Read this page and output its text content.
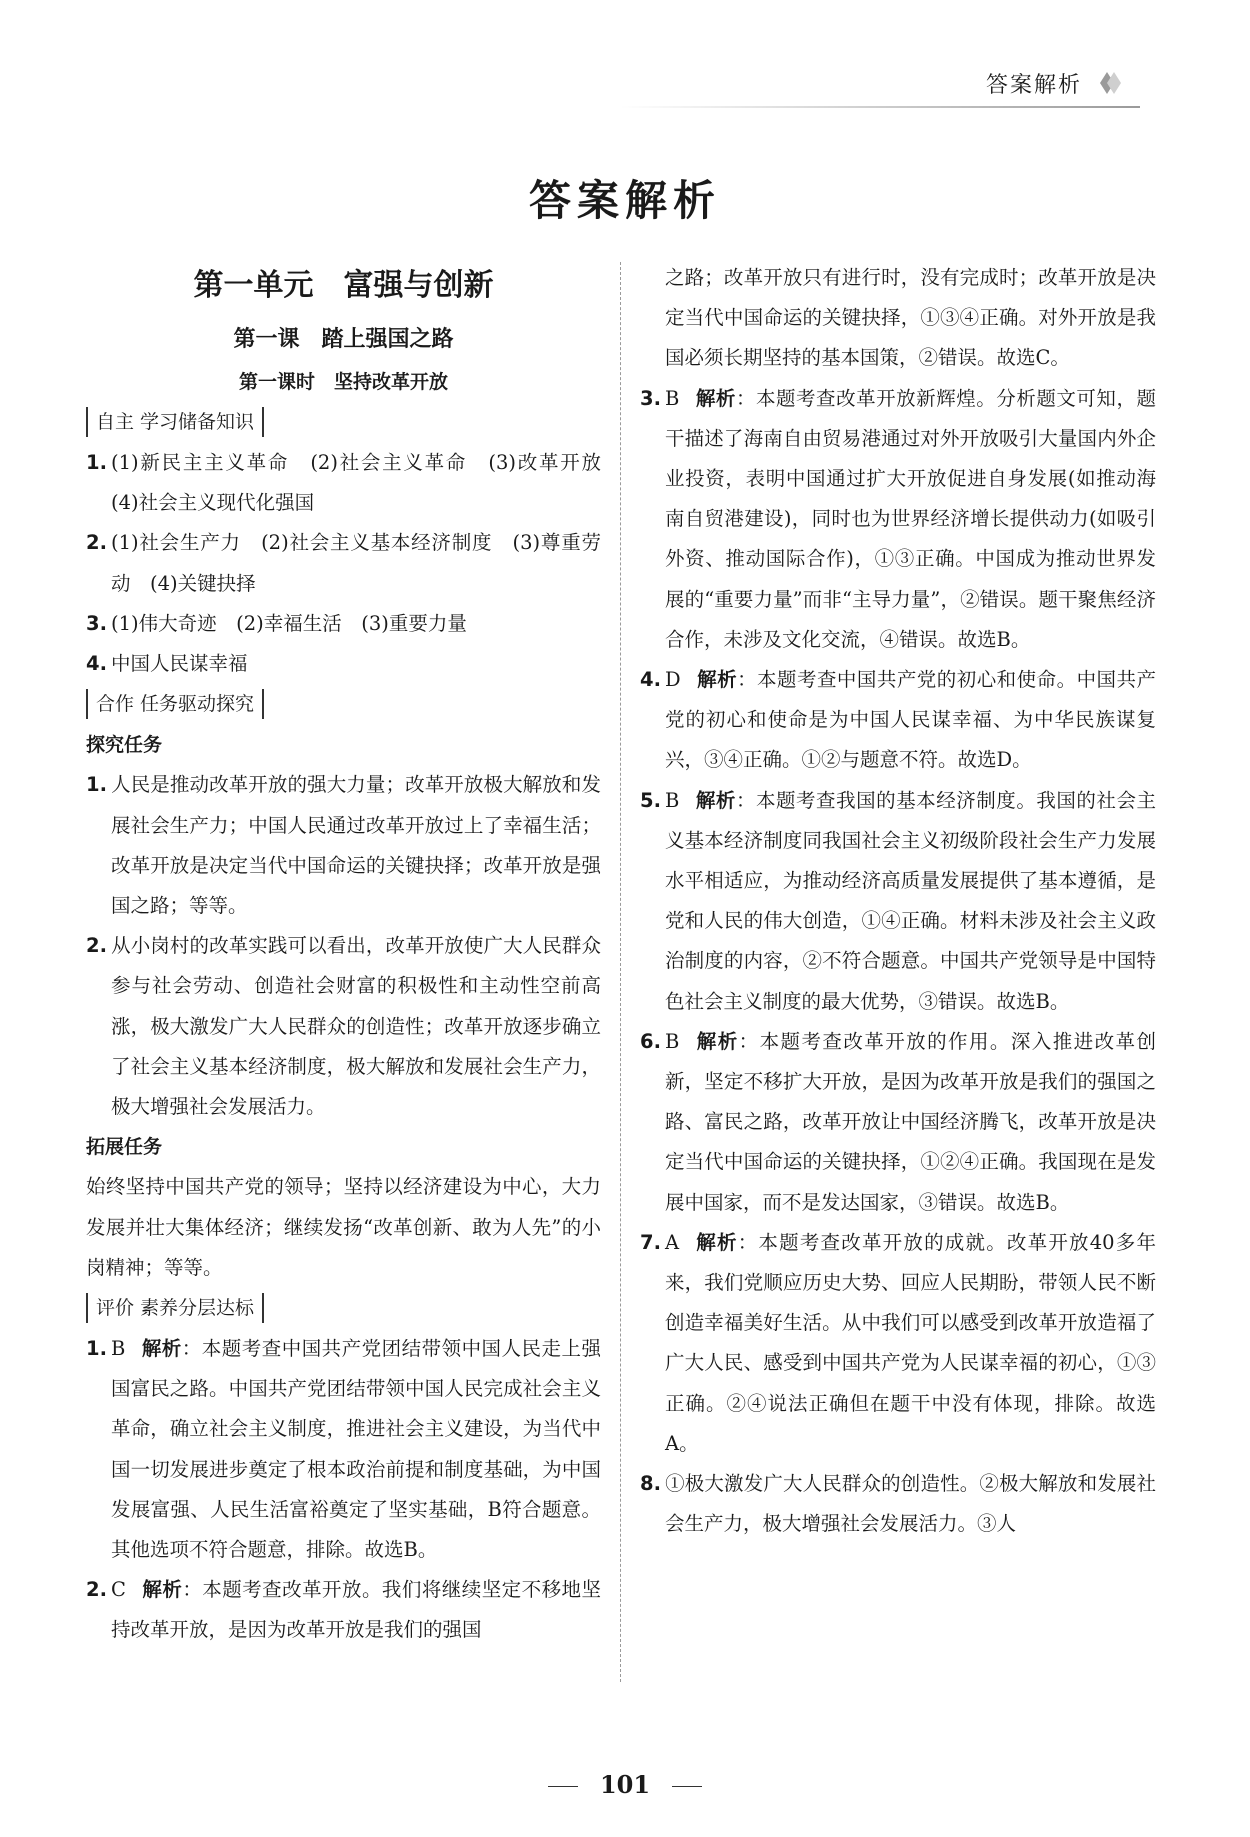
答案解析
答案解析
第一单元　富强与创新
第一课　踏上强国之路
第一课时　坚持改革开放
自主 学习储备知识
1. (1)新民主主义革命　(2)社会主义革命　(3)改革开放　(4)社会主义现代化强国
2. (1)社会生产力　(2)社会主义基本经济制度　(3)尊重劳动　(4)关键抉择
3. (1)伟大奇迹　(2)幸福生活　(3)重要力量
4. 中国人民谋幸福
合作 任务驱动探究
探究任务
1. 人民是推动改革开放的强大力量；改革开放极大解放和发展社会生产力；中国人民通过改革开放过上了幸福生活；改革开放是决定当代中国命运的关键抉择；改革开放是强国之路；等等。
2. 从小岗村的改革实践可以看出，改革开放使广大人民群众参与社会劳动、创造社会财富的积极性和主动性空前高涨，极大激发广大人民群众的创造性；改革开放逐步确立了社会主义基本经济制度，极大解放和发展社会生产力，极大增强社会发展活力。
拓展任务
始终坚持中国共产党的领导；坚持以经济建设为中心，大力发展并壮大集体经济；继续发扬“改革创新、敢为人先”的小岗精神；等等。
评价 素养分层达标
1. B 解析：本题考查中国共产党团结带领中国人民走上强国富民之路。中国共产党团结带领中国人民完成社会主义革命，确立社会主义制度，推进社会主义建设，为当代中国一切发展进步奠定了根本政治前提和制度基础，为中国发展富强、人民生活富裕奠定了坚实基础，B符合题意。其他选项不符合题意，排除。故选B。
2. C 解析：本题考查改革开放。我们将继续坚定不移地坚持改革开放，是因为改革开放是我们的强国
之路；改革开放只有进行时，没有完成时；改革开放是决定当代中国命运的关键抉择，①③④正确。对外开放是我国必须长期坚持的基本国策，②错误。故选C。
3. B 解析：本题考查改革开放新辉煌。分析题文可知，题干描述了海南自由贸易港通过对外开放吸引大量国内外企业投资，表明中国通过扩大开放促进自身发展(如推动海南自贸港建设)，同时也为世界经济增长提供动力(如吸引外资、推动国际合作)，①③正确。中国成为推动世界发展的“重要力量”而非“主导力量”，②错误。题干聚焦经济合作，未涉及文化交流，④错误。故选B。
4. D 解析：本题考查中国共产党的初心和使命。中国共产党的初心和使命是为中国人民谋幸福、为中华民族谋复兴，③④正确。①②与题意不符。故选D。
5. B 解析：本题考查我国的基本经济制度。我国的社会主义基本经济制度同我国社会主义初级阶段社会生产力发展水平相适应，为推动经济高质量发展提供了基本遵循，是党和人民的伟大创造，①④正确。材料未涉及社会主义政治制度的内容，②不符合题意。中国共产党领导是中国特色社会主义制度的最大优势，③错误。故选B。
6. B 解析：本题考查改革开放的作用。深入推进改革创新，坚定不移扩大开放，是因为改革开放是我们的强国之路、富民之路，改革开放让中国经济腾飞，改革开放是决定当代中国命运的关键抉择，①②④正确。我国现在是发展中国家，而不是发达国家，③错误。故选B。
7. A 解析：本题考查改革开放的成就。改革开放40多年来，我们党顺应历史大势、回应人民期盼，带领人民不断创造幸福美好生活。从中我们可以感受到改革开放造福了广大人民、感受到中国共产党为人民谋幸福的初心，①③正确。②④说法正确但在题干中没有体现，排除。故选A。
8. ①极大激发广大人民群众的创造性。②极大解放和发展社会生产力，极大增强社会发展活力。③人
101
